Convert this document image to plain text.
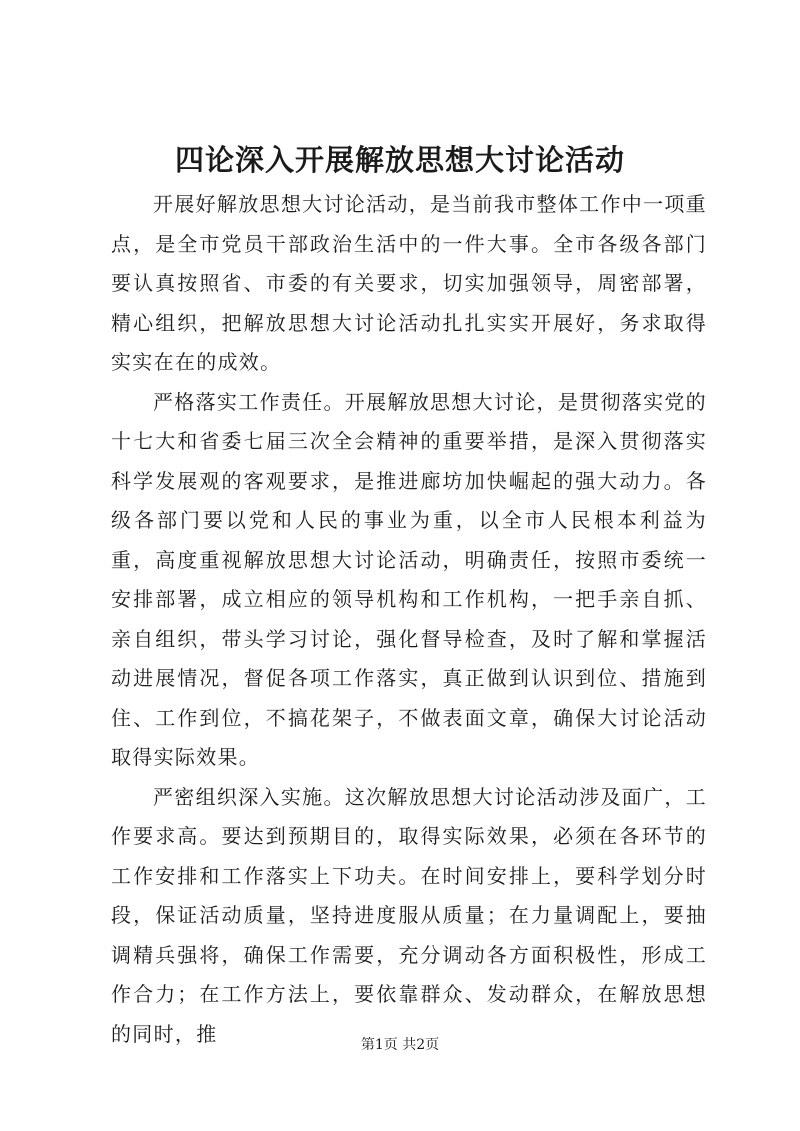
四论深入开展解放思想大讨论活动

开展好解放思想大讨论活动，是当前我市整体工作中一项重点，是全市党员干部政治生活中的一件大事。全市各级各部门要认真按照省、市委的有关要求，切实加强领导，周密部署，精心组织，把解放思想大讨论活动扎扎实实开展好，务求取得实实在在的成效。

严格落实工作责任。开展解放思想大讨论，是贯彻落实党的十七大和省委七届三次全会精神的重要举措，是深入贯彻落实科学发展观的客观要求，是推进廊坊加快崛起的强大动力。各级各部门要以党和人民的事业为重，以全市人民根本利益为重，高度重视解放思想大讨论活动，明确责任，按照市委统一安排部署，成立相应的领导机构和工作机构，一把手亲自抓、亲自组织，带头学习讨论，强化督导检查，及时了解和掌握活动进展情况，督促各项工作落实，真正做到认识到位、措施到住、工作到位，不搞花架子，不做表面文章，确保大讨论活动取得实际效果。

严密组织深入实施。这次解放思想大讨论活动涉及面广，工作要求高。要达到预期目的，取得实际效果，必须在各环节的工作安排和工作落实上下功夫。在时间安排上，要科学划分时段，保证活动质量，坚持进度服从质量；在力量调配上，要抽调精兵强将，确保工作需要，充分调动各方面积极性，形成工作合力；在工作方法上，要依靠群众、发动群众，在解放思想的同时，推	第1页 共2页
